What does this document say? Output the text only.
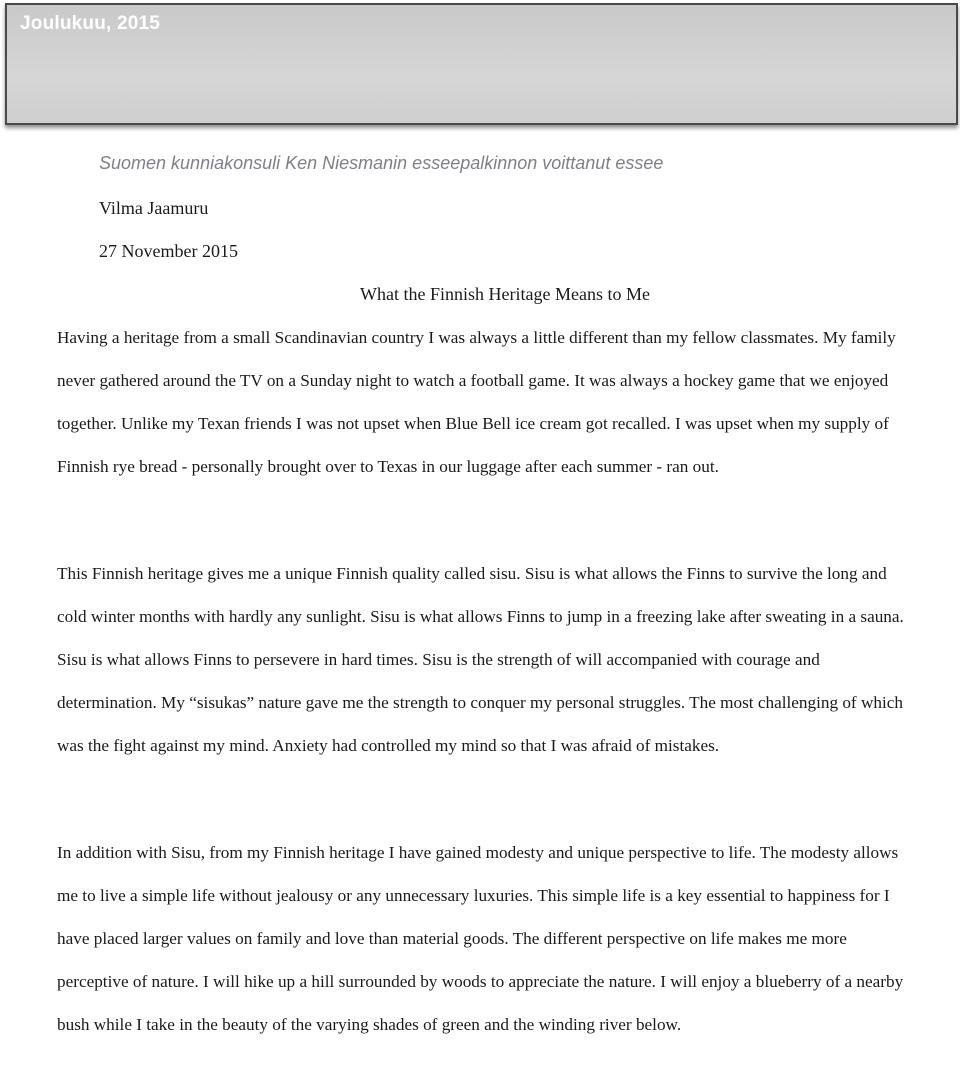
Joulukuu, 2015
Suomen kunniakonsuli Ken Niesmanin esseepalkinnon voittanut essee
Vilma Jaamuru
27 November 2015
What the Finnish Heritage Means to Me

Having a heritage from a small Scandinavian country I was always a little different than my fellow classmates. My family never gathered around the TV on a Sunday night to watch a football game. It was always a hockey game that we enjoyed together. Unlike my Texan friends I was not upset when Blue Bell ice cream got recalled. I was upset when my supply of Finnish rye bread - personally brought over to Texas in our luggage after each summer - ran out.

This Finnish heritage gives me a unique Finnish quality called sisu. Sisu is what allows the Finns to survive the long and cold winter months with hardly any sunlight. Sisu is what allows Finns to jump in a freezing lake after sweating in a sauna. Sisu is what allows Finns to persevere in hard times. Sisu is the strength of will accompanied with courage and determination. My “sisukas” nature gave me the strength to conquer my personal struggles. The most challenging of which was the fight against my mind. Anxiety had controlled my mind so that I was afraid of mistakes.

In addition with Sisu, from my Finnish heritage I have gained modesty and unique perspective to life. The modesty allows me to live a simple life without jealousy or any unnecessary luxuries. This simple life is a key essential to happiness for I have placed larger values on family and love than material goods. The different perspective on life makes me more perceptive of nature. I will hike up a hill surrounded by woods to appreciate the nature. I will enjoy a blueberry of a nearby bush while I take in the beauty of the varying shades of green and the winding river below.
